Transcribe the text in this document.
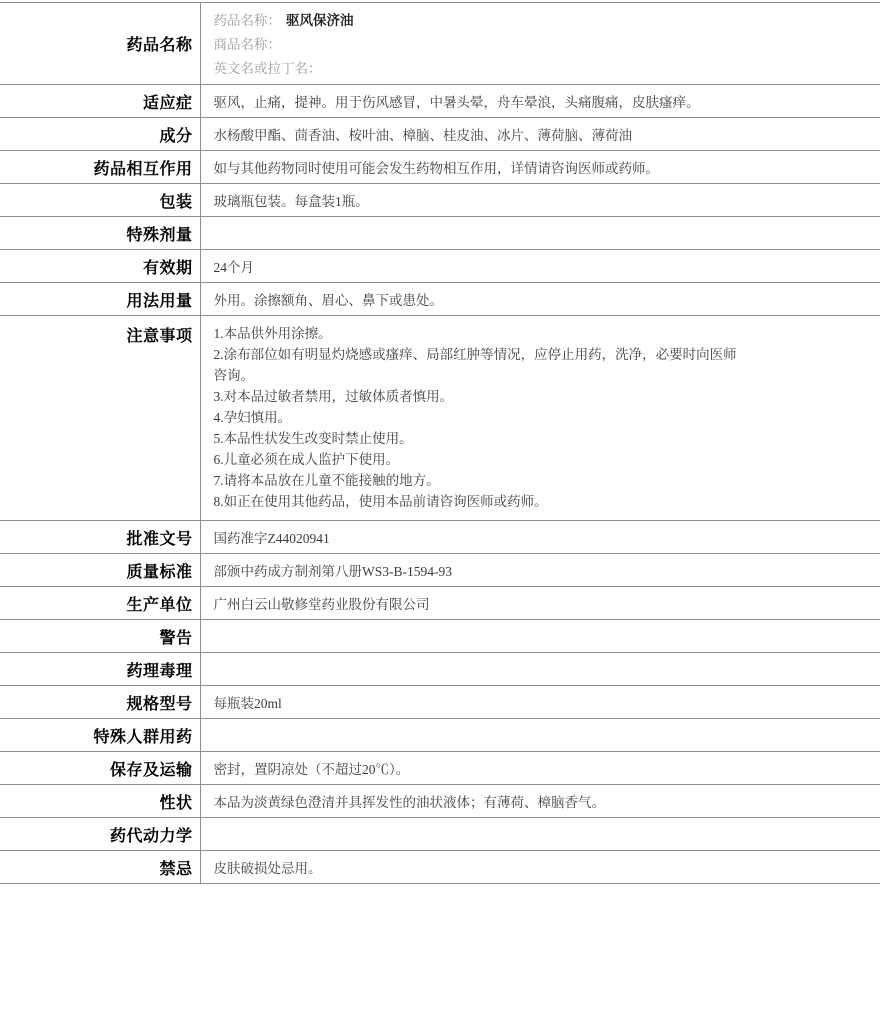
药品名称	药品名称： 驱风保济油
商品名称：
英文名或拉丁名：

适应症	驱风，止痛，提神。用于伤风感冒，中暑头晕，舟车晕浪，头痛腹痛，皮肤瘙痒。
成分	水杨酸甲酯、茴香油、桉叶油、樟脑、桂皮油、冰片、薄荷脑、薄荷油
药品相互作用	如与其他药物同时使用可能会发生药物相互作用，详情请咨询医师或药师。
包装	玻璃瓶包装。每盒装1瓶。
特殊剂量	
有效期	24个月
用法用量	外用。涂擦额角、眉心、鼻下或患处。
注意事项	1.本品供外用涂擦。
2.涂布部位如有明显灼烧感或瘙痒、局部红肿等情况，应停止用药，洗净，必要时向医师
咨询。
3.对本品过敏者禁用，过敏体质者慎用。
4.孕妇慎用。
5.本品性状发生改变时禁止使用。
6.儿童必须在成人监护下使用。
7.请将本品放在儿童不能接触的地方。
8.如正在使用其他药品，使用本品前请咨询医师或药师。

批准文号	国药准字Z44020941
质量标准	部颁中药成方制剂第八册WS3-B-1594-93
生产单位	广州白云山敬修堂药业股份有限公司
警告	
药理毒理	
规格型号	每瓶装20ml
特殊人群用药	
保存及运输	密封，置阴凉处（不超过20℃）。
性状	本品为淡黄绿色澄清并具挥发性的油状液体；有薄荷、樟脑香气。
药代动力学	
禁忌	皮肤破损处忌用。
